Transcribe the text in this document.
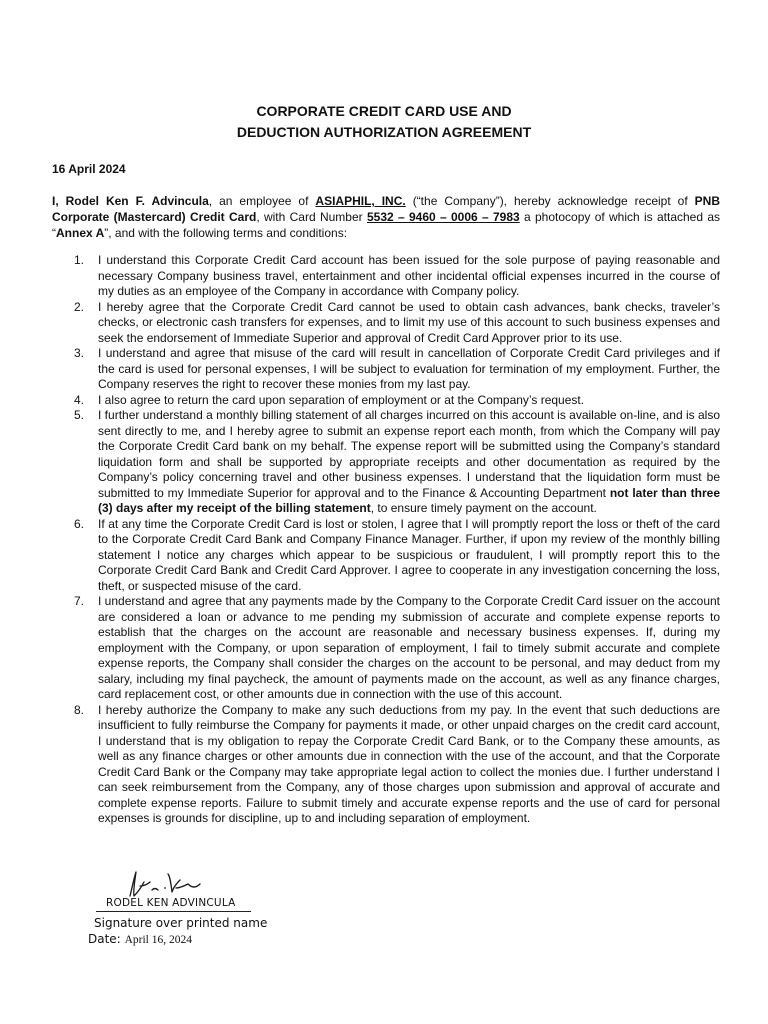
CORPORATE CREDIT CARD USE AND
DEDUCTION AUTHORIZATION AGREEMENT
16 April 2024
I, Rodel Ken F. Advincula, an employee of ASIAPHIL, INC. (“the Company”), hereby acknowledge receipt of PNB Corporate (Mastercard) Credit Card, with Card Number 5532 – 9460 – 0006 – 7983 a photocopy of which is attached as “Annex A”, and with the following terms and conditions:
1. I understand this Corporate Credit Card account has been issued for the sole purpose of paying reasonable and necessary Company business travel, entertainment and other incidental official expenses incurred in the course of my duties as an employee of the Company in accordance with Company policy.
2. I hereby agree that the Corporate Credit Card cannot be used to obtain cash advances, bank checks, traveler’s checks, or electronic cash transfers for expenses, and to limit my use of this account to such business expenses and seek the endorsement of Immediate Superior and approval of Credit Card Approver prior to its use.
3. I understand and agree that misuse of the card will result in cancellation of Corporate Credit Card privileges and if the card is used for personal expenses, I will be subject to evaluation for termination of my employment. Further, the Company reserves the right to recover these monies from my last pay.
4. I also agree to return the card upon separation of employment or at the Company’s request.
5. I further understand a monthly billing statement of all charges incurred on this account is available on-line, and is also sent directly to me, and I hereby agree to submit an expense report each month, from which the Company will pay the Corporate Credit Card bank on my behalf. The expense report will be submitted using the Company’s standard liquidation form and shall be supported by appropriate receipts and other documentation as required by the Company’s policy concerning travel and other business expenses. I understand that the liquidation form must be submitted to my Immediate Superior for approval and to the Finance & Accounting Department not later than three (3) days after my receipt of the billing statement, to ensure timely payment on the account.
6. If at any time the Corporate Credit Card is lost or stolen, I agree that I will promptly report the loss or theft of the card to the Corporate Credit Card Bank and Company Finance Manager. Further, if upon my review of the monthly billing statement I notice any charges which appear to be suspicious or fraudulent, I will promptly report this to the Corporate Credit Card Bank and Credit Card Approver. I agree to cooperate in any investigation concerning the loss, theft, or suspected misuse of the card.
7. I understand and agree that any payments made by the Company to the Corporate Credit Card issuer on the account are considered a loan or advance to me pending my submission of accurate and complete expense reports to establish that the charges on the account are reasonable and necessary business expenses. If, during my employment with the Company, or upon separation of employment, I fail to timely submit accurate and complete expense reports, the Company shall consider the charges on the account to be personal, and may deduct from my salary, including my final paycheck, the amount of payments made on the account, as well as any finance charges, card replacement cost, or other amounts due in connection with the use of this account.
8. I hereby authorize the Company to make any such deductions from my pay. In the event that such deductions are insufficient to fully reimburse the Company for payments it made, or other unpaid charges on the credit card account, I understand that is my obligation to repay the Corporate Credit Card Bank, or to the Company these amounts, as well as any finance charges or other amounts due in connection with the use of the account, and that the Corporate Credit Card Bank or the Company may take appropriate legal action to collect the monies due. I further understand I can seek reimbursement from the Company, any of those charges upon submission and approval of accurate and complete expense reports. Failure to submit timely and accurate expense reports and the use of card for personal expenses is grounds for discipline, up to and including separation of employment.
RODEL KEN ADVINCULA
Signature over printed name
Date: April 16, 2024
